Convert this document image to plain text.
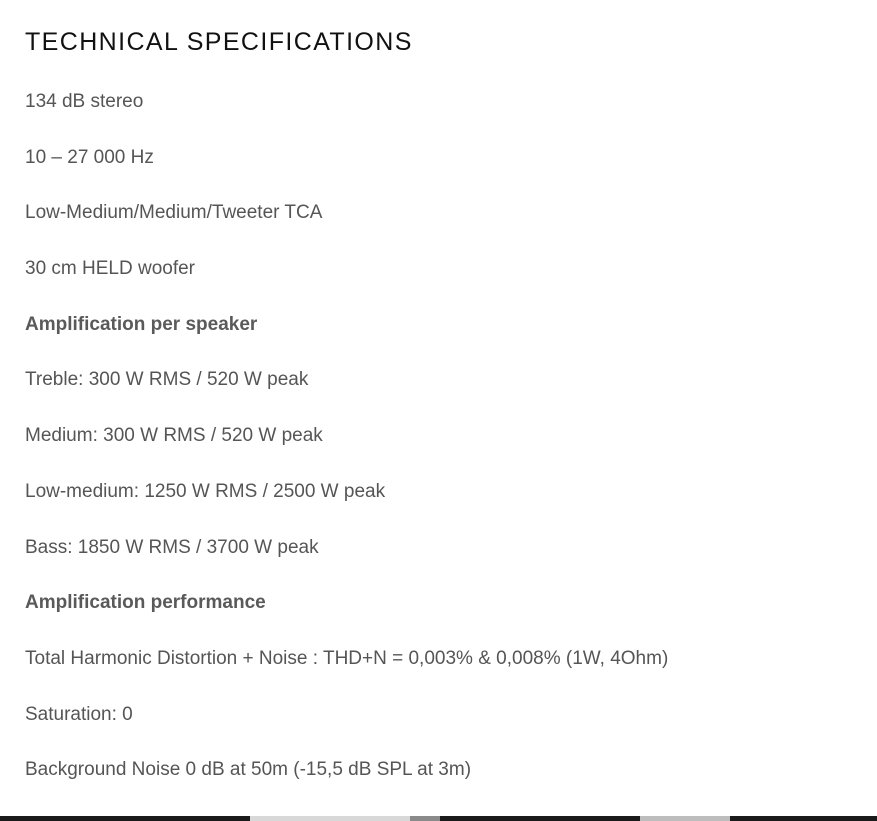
TECHNICAL SPECIFICATIONS
134 dB stereo
10 – 27 000 Hz
Low-Medium/Medium/Tweeter TCA
30 cm HELD woofer
Amplification per speaker
Treble: 300 W RMS / 520 W peak
Medium: 300 W RMS / 520 W peak
Low-medium: 1250 W RMS / 2500 W peak
Bass: 1850 W RMS / 3700 W peak
Amplification performance
Total Harmonic Distortion + Noise : THD+N = 0,003% & 0,008% (1W, 4Ohm)
Saturation: 0
Background Noise 0 dB at 50m (-15,5 dB SPL at 3m)
